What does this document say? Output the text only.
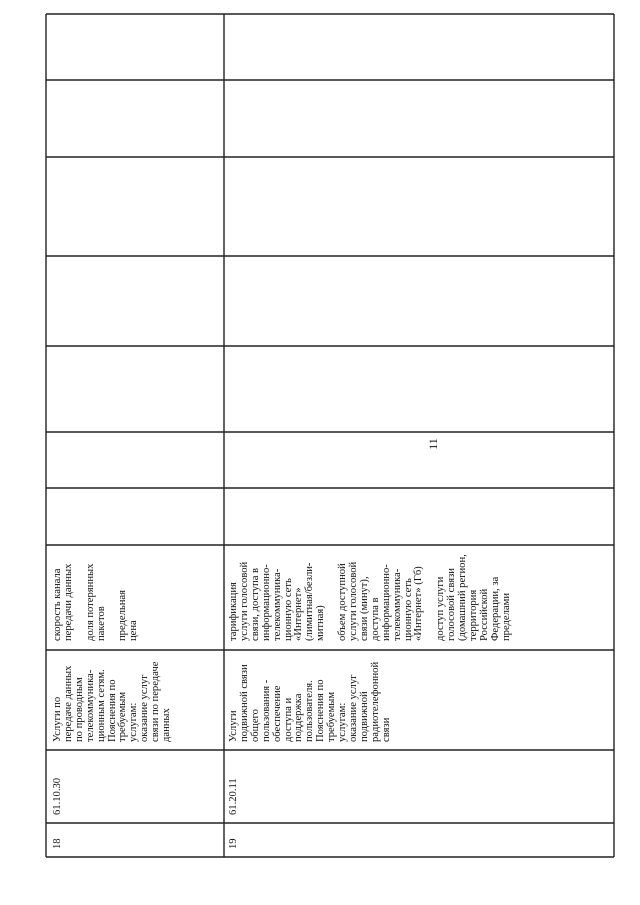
11
18
61.10.30
Услуги по
передаче данных
по проводным
телекоммуника-
ционным сетям.
Пояснения по
требуемым
услугам:
оказание услуг
связи по передаче
данных
скорость канала
передачи данных

доля потерянных
пакетов

предельная
цена
19
61.20.11
Услуги
подвижной связи
общего
пользования -
обеспечение
доступа и
поддержка
пользователя.
Пояснения по
требуемым
услугам:
оказание услуг
подвижной
радиотелефонной
связи
тарификация
услуги голосовой
связи, доступа в
информационно-
телекоммуника-
ционную сеть
«Интернет»
(лимитная/безли-
митная)

объем доступной
услуги голосовой
связи (минут),
доступа в
информационно-
телекоммуника-
ционную сеть
«Интернет» (Гб)

доступ услуги
голосовой связи
(домашний регион,
территория
Российской
Федерации, за
пределами
